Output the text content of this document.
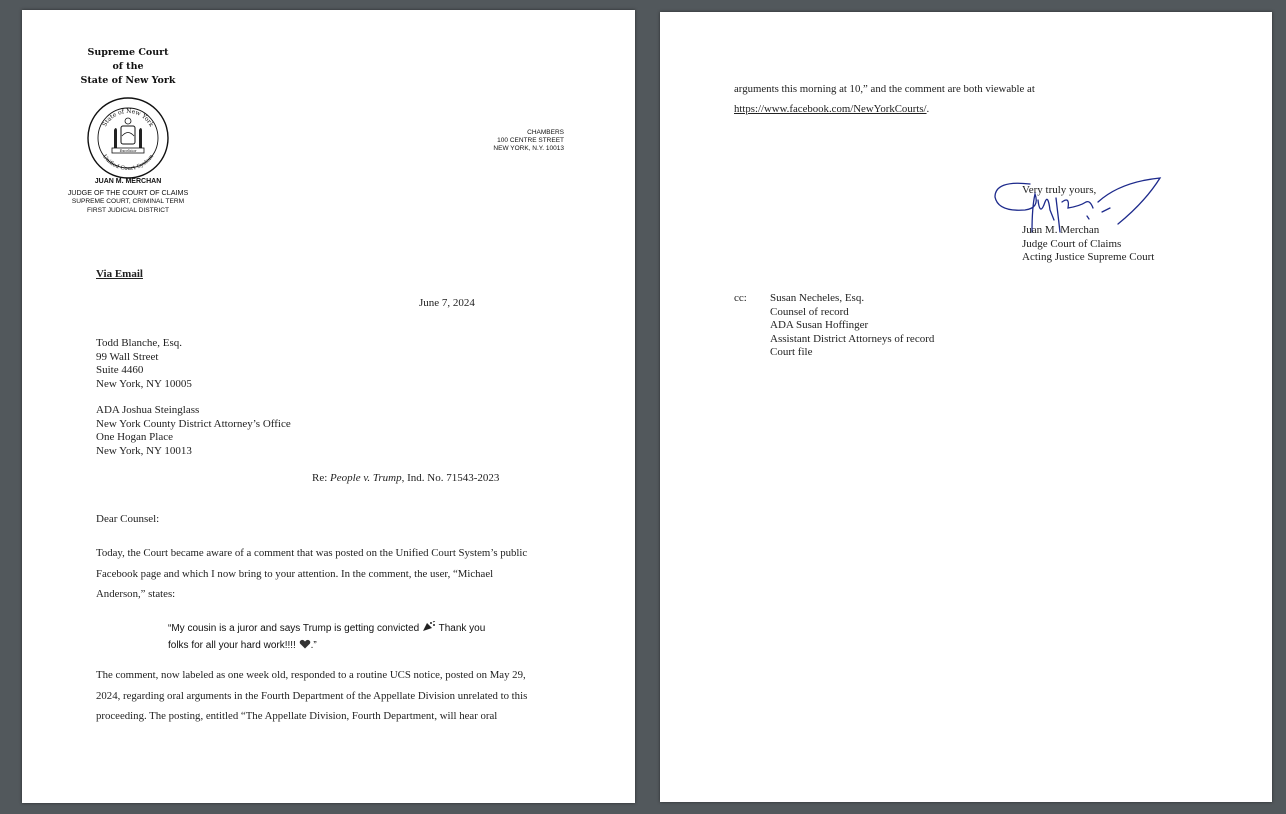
Supreme Court
of the
State of New York
State of New York
Unified Court System
Excelsior
JUAN M. MERCHAN
JUDGE OF THE COURT OF CLAIMS
SUPREME COURT, CRIMINAL TERM
FIRST JUDICIAL DISTRICT
CHAMBERS
100 CENTRE STREET
NEW YORK, N.Y. 10013
Via Email
June 7, 2024
Todd Blanche, Esq.
99 Wall Street
Suite 4460
New York, NY 10005
ADA Joshua Steinglass
New York County District Attorney’s Office
One Hogan Place
New York, NY 10013
Re: People v. Trump, Ind. No. 71543-2023
Dear Counsel:
Today, the Court became aware of a comment that was posted on the Unified Court System’s public
Facebook page and which I now bring to your attention. In the comment, the user, “Michael
Anderson,” states:
“My cousin is a juror and says Trump is getting convicted Thank you
folks for all your hard work!!!! .”
The comment, now labeled as one week old, responded to a routine UCS notice, posted on May 29,
2024, regarding oral arguments in the Fourth Department of the Appellate Division unrelated to this
proceeding. The posting, entitled “The Appellate Division, Fourth Department, will hear oral
arguments this morning at 10,” and the comment are both viewable at
https://www.facebook.com/NewYorkCourts/.
Very truly yours,
Juan M. Merchan
Judge Court of Claims
Acting Justice Supreme Court
cc: Susan Necheles, Esq.
Counsel of record
ADA Susan Hoffinger
Assistant District Attorneys of record
Court file
